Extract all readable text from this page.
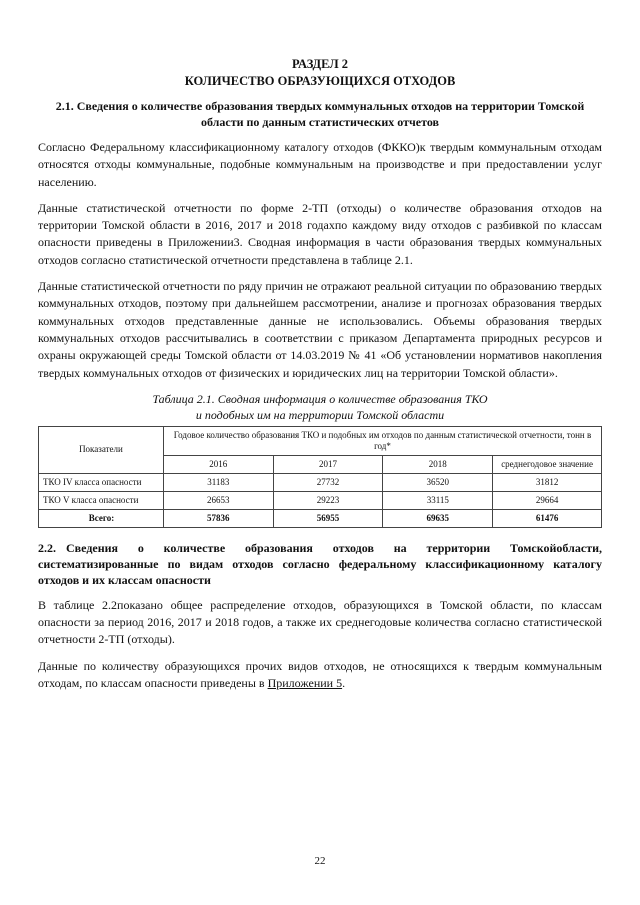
РАЗДЕЛ 2
КОЛИЧЕСТВО ОБРАЗУЮЩИХСЯ ОТХОДОВ
2.1. Сведения о количестве образования твердых коммунальных отходов на территории Томской области по данным статистических отчетов

Согласно Федеральному классификационному каталогу отходов (ФККО)к твердым коммунальным отходам относятся отходы коммунальные, подобные коммунальным на производстве и при предоставлении услуг населению.

Данные статистической отчетности по форме 2-ТП (отходы) о количестве образования отходов на территории Томской области в 2016, 2017 и 2018 годахпо каждому виду отходов с разбивкой по классам опасности приведены в Приложении3. Сводная информация в части образования твердых коммунальных отходов согласно статистической отчетности представлена в таблице 2.1.

Данные статистической отчетности по ряду причин не отражают реальной ситуации по образованию твердых коммунальных отходов, поэтому при дальнейшем рассмотрении, анализе и прогнозах образования твердых коммунальных отходов представленные данные не использовались. Объемы образования твердых коммунальных отходов рассчитывались в соответствии с приказом Департамента природных ресурсов и охраны окружающей среды Томской области от 14.03.2019 № 41 «Об установлении нормативов накопления твердых коммунальных отходов от физических и юридических лиц на территории Томской области».

Таблица 2.1. Сводная информация о количестве образования ТКО
и подобных им на территории Томской области
Показатели	Годовое количество образования ТКО и подобных им отходов по данным статистической отчетности, тонн в год*			
	2016	2017	2018	среднегодовое значение
ТКО IV класса опасности	31183	27732	36520	31812
ТКО V класса опасности	26653	29223	33115	29664
Всего:	57836	56955	69635	61476
2.2. Сведения о количестве образования отходов на территории Томскойобласти, систематизированные по видам отходов согласно федеральному классификационному каталогу отходов и их классам опасности

В таблице 2.2показано общее распределение отходов, образующихся в Томской области, по классам опасности за период 2016, 2017 и 2018 годов, а также их среднегодовые количества согласно статистической отчетности 2-ТП (отходы).

Данные по количеству образующихся прочих видов отходов, не относящихся к твердым коммунальным отходам, по классам опасности приведены в Приложении 5.

22
